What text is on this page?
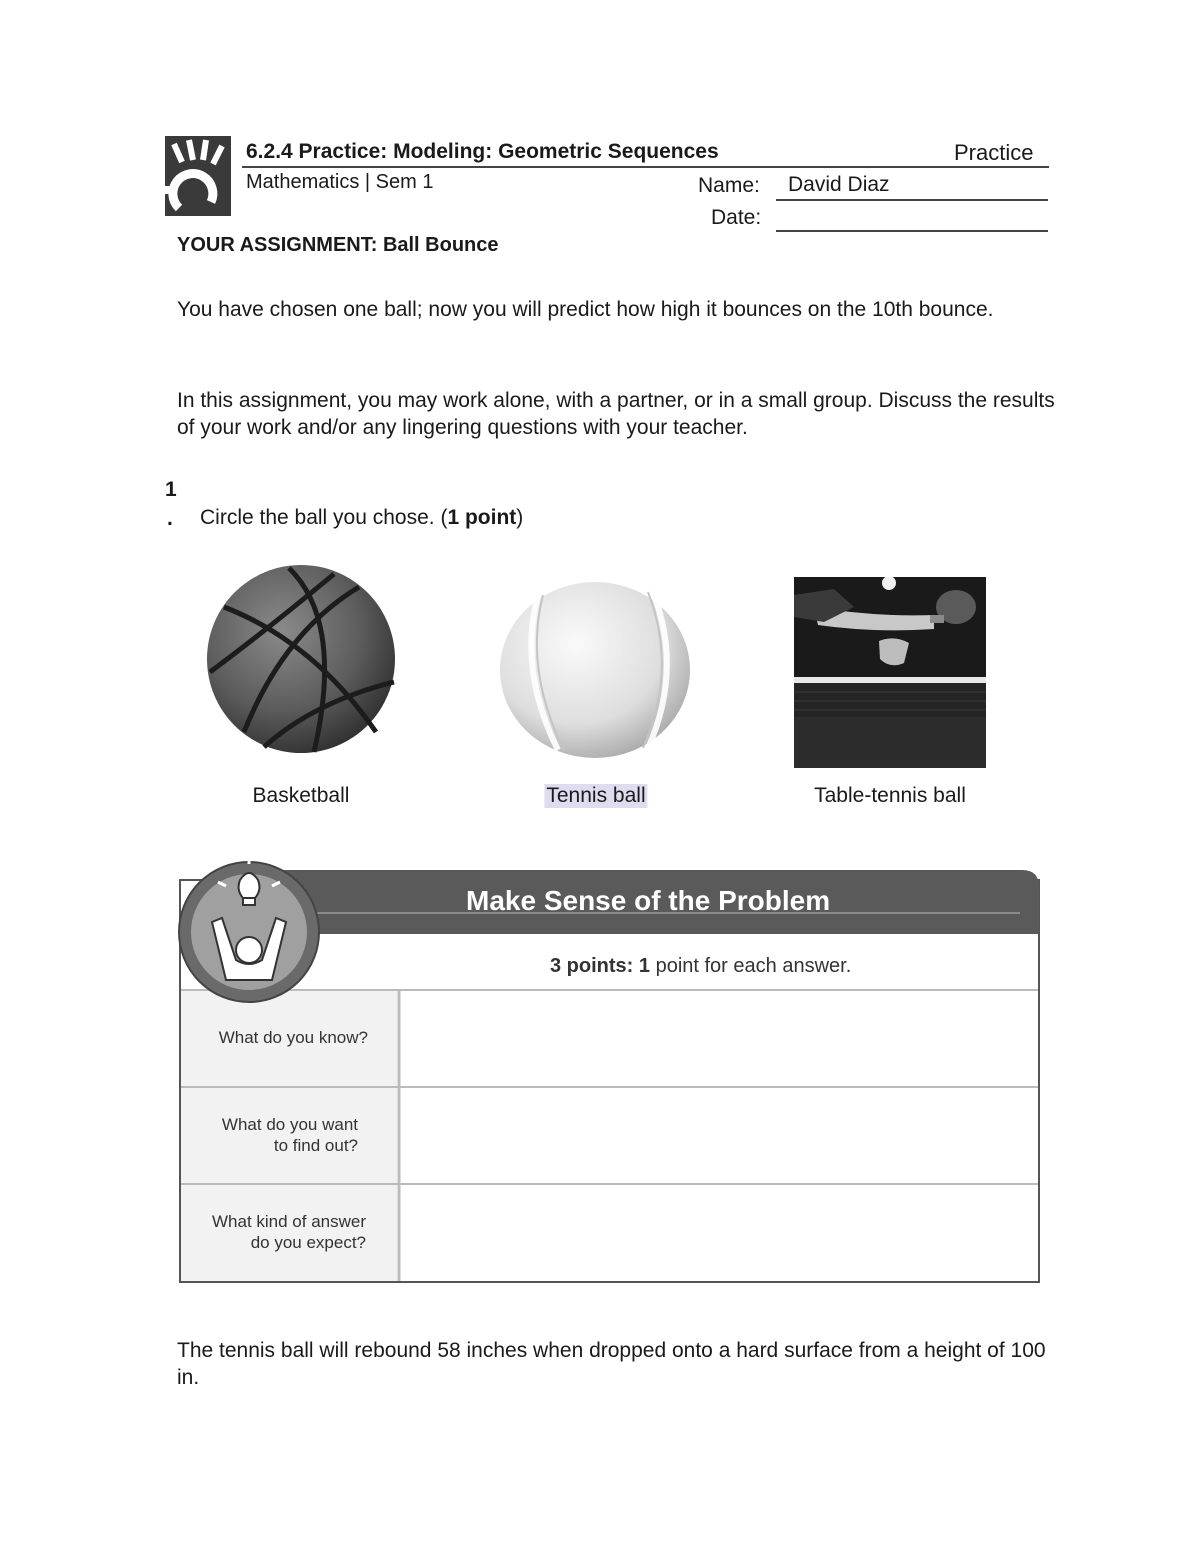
6.2.4 Practice: Modeling: Geometric Sequences	Practice
Mathematics | Sem 1	Name: David Diaz
Date:
YOUR ASSIGNMENT: Ball Bounce
You have chosen one ball; now you will predict how high it bounces on the 10th bounce.
In this assignment, you may work alone, with a partner, or in a small group. Discuss the results of your work and/or any lingering questions with your teacher.
1
. Circle the ball you chose. (1 point)
Basketball	Tennis ball	Table-tennis ball
Make Sense of the Problem
3 points: 1 point for each answer.
What do you know?
What do you want
to find out?
What kind of answer
do you expect?
The tennis ball will rebound 58 inches when dropped onto a hard surface from a height of 100 in.
